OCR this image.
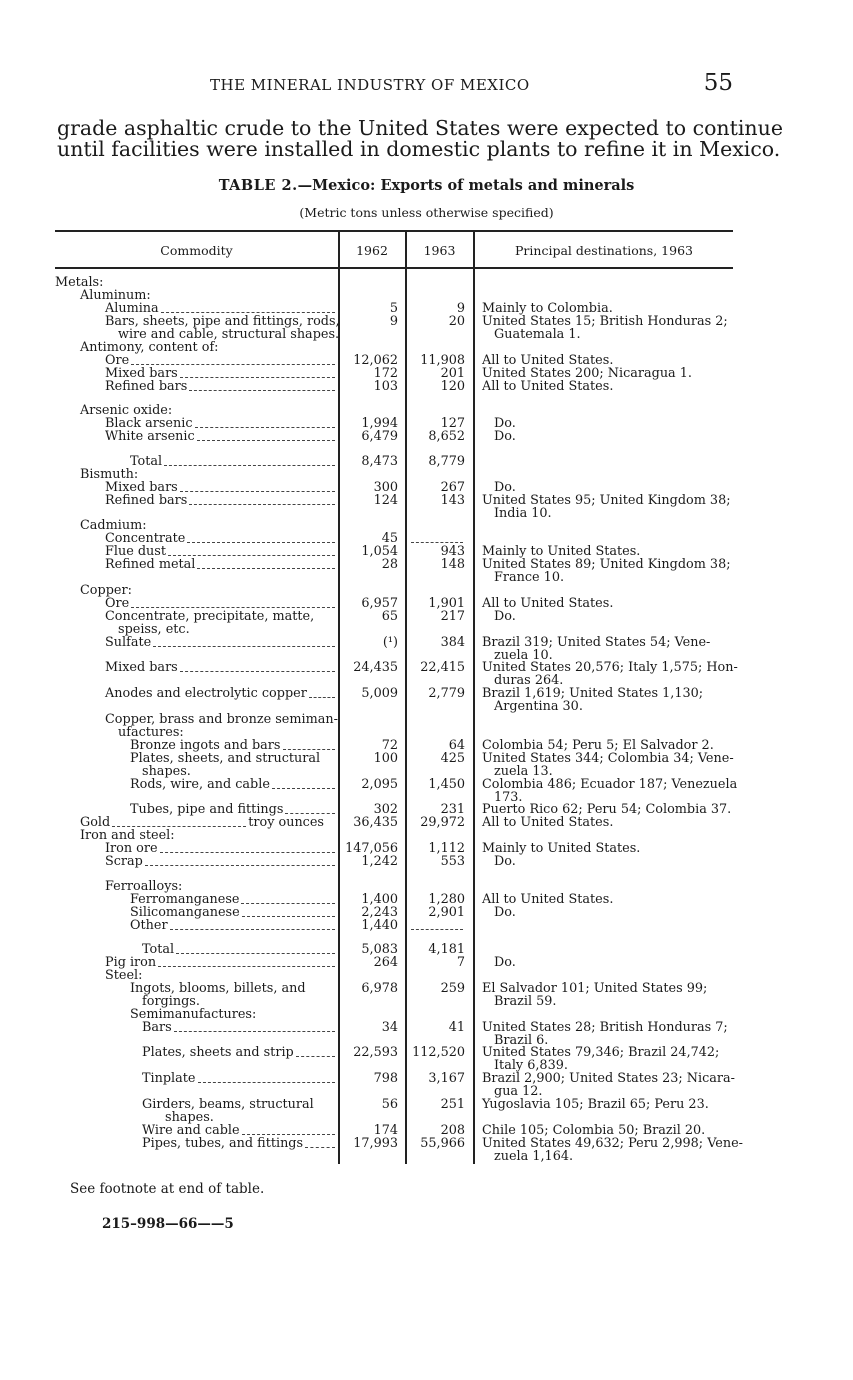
THE MINERAL INDUSTRY OF MEXICO	55
grade asphaltic crude to the United States were expected to continue
until facilities were installed in domestic plants to refine it in Mexico.
TABLE 2.—Mexico: Exports of metals and minerals
(Metric tons unless otherwise specified)
Commodity	1962	1963	Principal destinations, 1963
Metals:
Aluminum:
Alumina	5	9 Mainly to Colombia.
Bars, sheets, pipe and fittings, rods,	9	20 United States 15; British Honduras 2;
wire and cable, structural shapes.	Guatemala 1.
Antimony, content of:
Ore	12,062 11,908 All to United States.
Mixed bars	172	201 United States 200; Nicaragua 1.
Refined bars	103	120 All to United States.
Arsenic oxide:
Black arsenic	1,994	127 Do.
White arsenic	6,479 8,652 Do.
Total	8,473 8,779
Bismuth:
Mixed bars	300	267 Do.
Refined bars	124	143 United States 95; United Kingdom 38;
India 10.
Cadmium:
Concentrate	45
Flue dust	1,054	943 Mainly to United States.
Refined metal	28	148 United States 89; United Kingdom 38;
France 10.
Copper:
Ore	6,957 1,901 All to United States.
Concentrate, precipitate, matte,	65	217 Do.
speiss, etc.
Sulfate	(¹)	384 Brazil 319; United States 54; Vene-
zuela 10.
Mixed bars	24,435 22,415 United States 20,576; Italy 1,575; Hon-
duras 264.
Anodes and electrolytic copper	5,009 2,779 Brazil 1,619; United States 1,130;
Argentina 30.
Copper, brass and bronze semiman-
ufactures:
Bronze ingots and bars	72	64 Colombia 54; Peru 5; El Salvador 2.
Plates, sheets, and structural	100	425 United States 344; Colombia 34; Vene-
shapes.	zuela 13.
Rods, wire, and cable	2,095 1,450 Colombia 486; Ecuador 187; Venezuela
173.
Tubes, pipe and fittings	302	231 Puerto Rico 62; Peru 54; Colombia 37.
Gold	troy ounces 36,435 29,972 All to United States.
Iron and steel:
Iron ore	147,056 1,112 Mainly to United States.
Scrap	1,242	553 Do.
Ferroalloys:
Ferromanganese	1,400 1,280 All to United States.
Silicomanganese	2,243 2,901 Do.
Other	1,440
Total	5,083 4,181
Pig iron	264	7 Do.
Steel:
Ingots, blooms, billets, and	6,978	259 El Salvador 101; United States 99;
forgings.	Brazil 59.
Semimanufactures:
Bars	34	41 United States 28; British Honduras 7;
Brazil 6.
Plates, sheets and strip	22,593 112,520 United States 79,346; Brazil 24,742;
Italy 6,839.
Tinplate	798 3,167 Brazil 2,900; United States 23; Nicara-
gua 12.
Girders, beams, structural	56	251 Yugoslavia 105; Brazil 65; Peru 23.
shapes.
Wire and cable	174	208 Chile 105; Colombia 50; Brazil 20.
Pipes, tubes, and fittings	17,993 55,966 United States 49,632; Peru 2,998; Vene-
zuela 1,164.
See footnote at end of table.
215–998—66——5
